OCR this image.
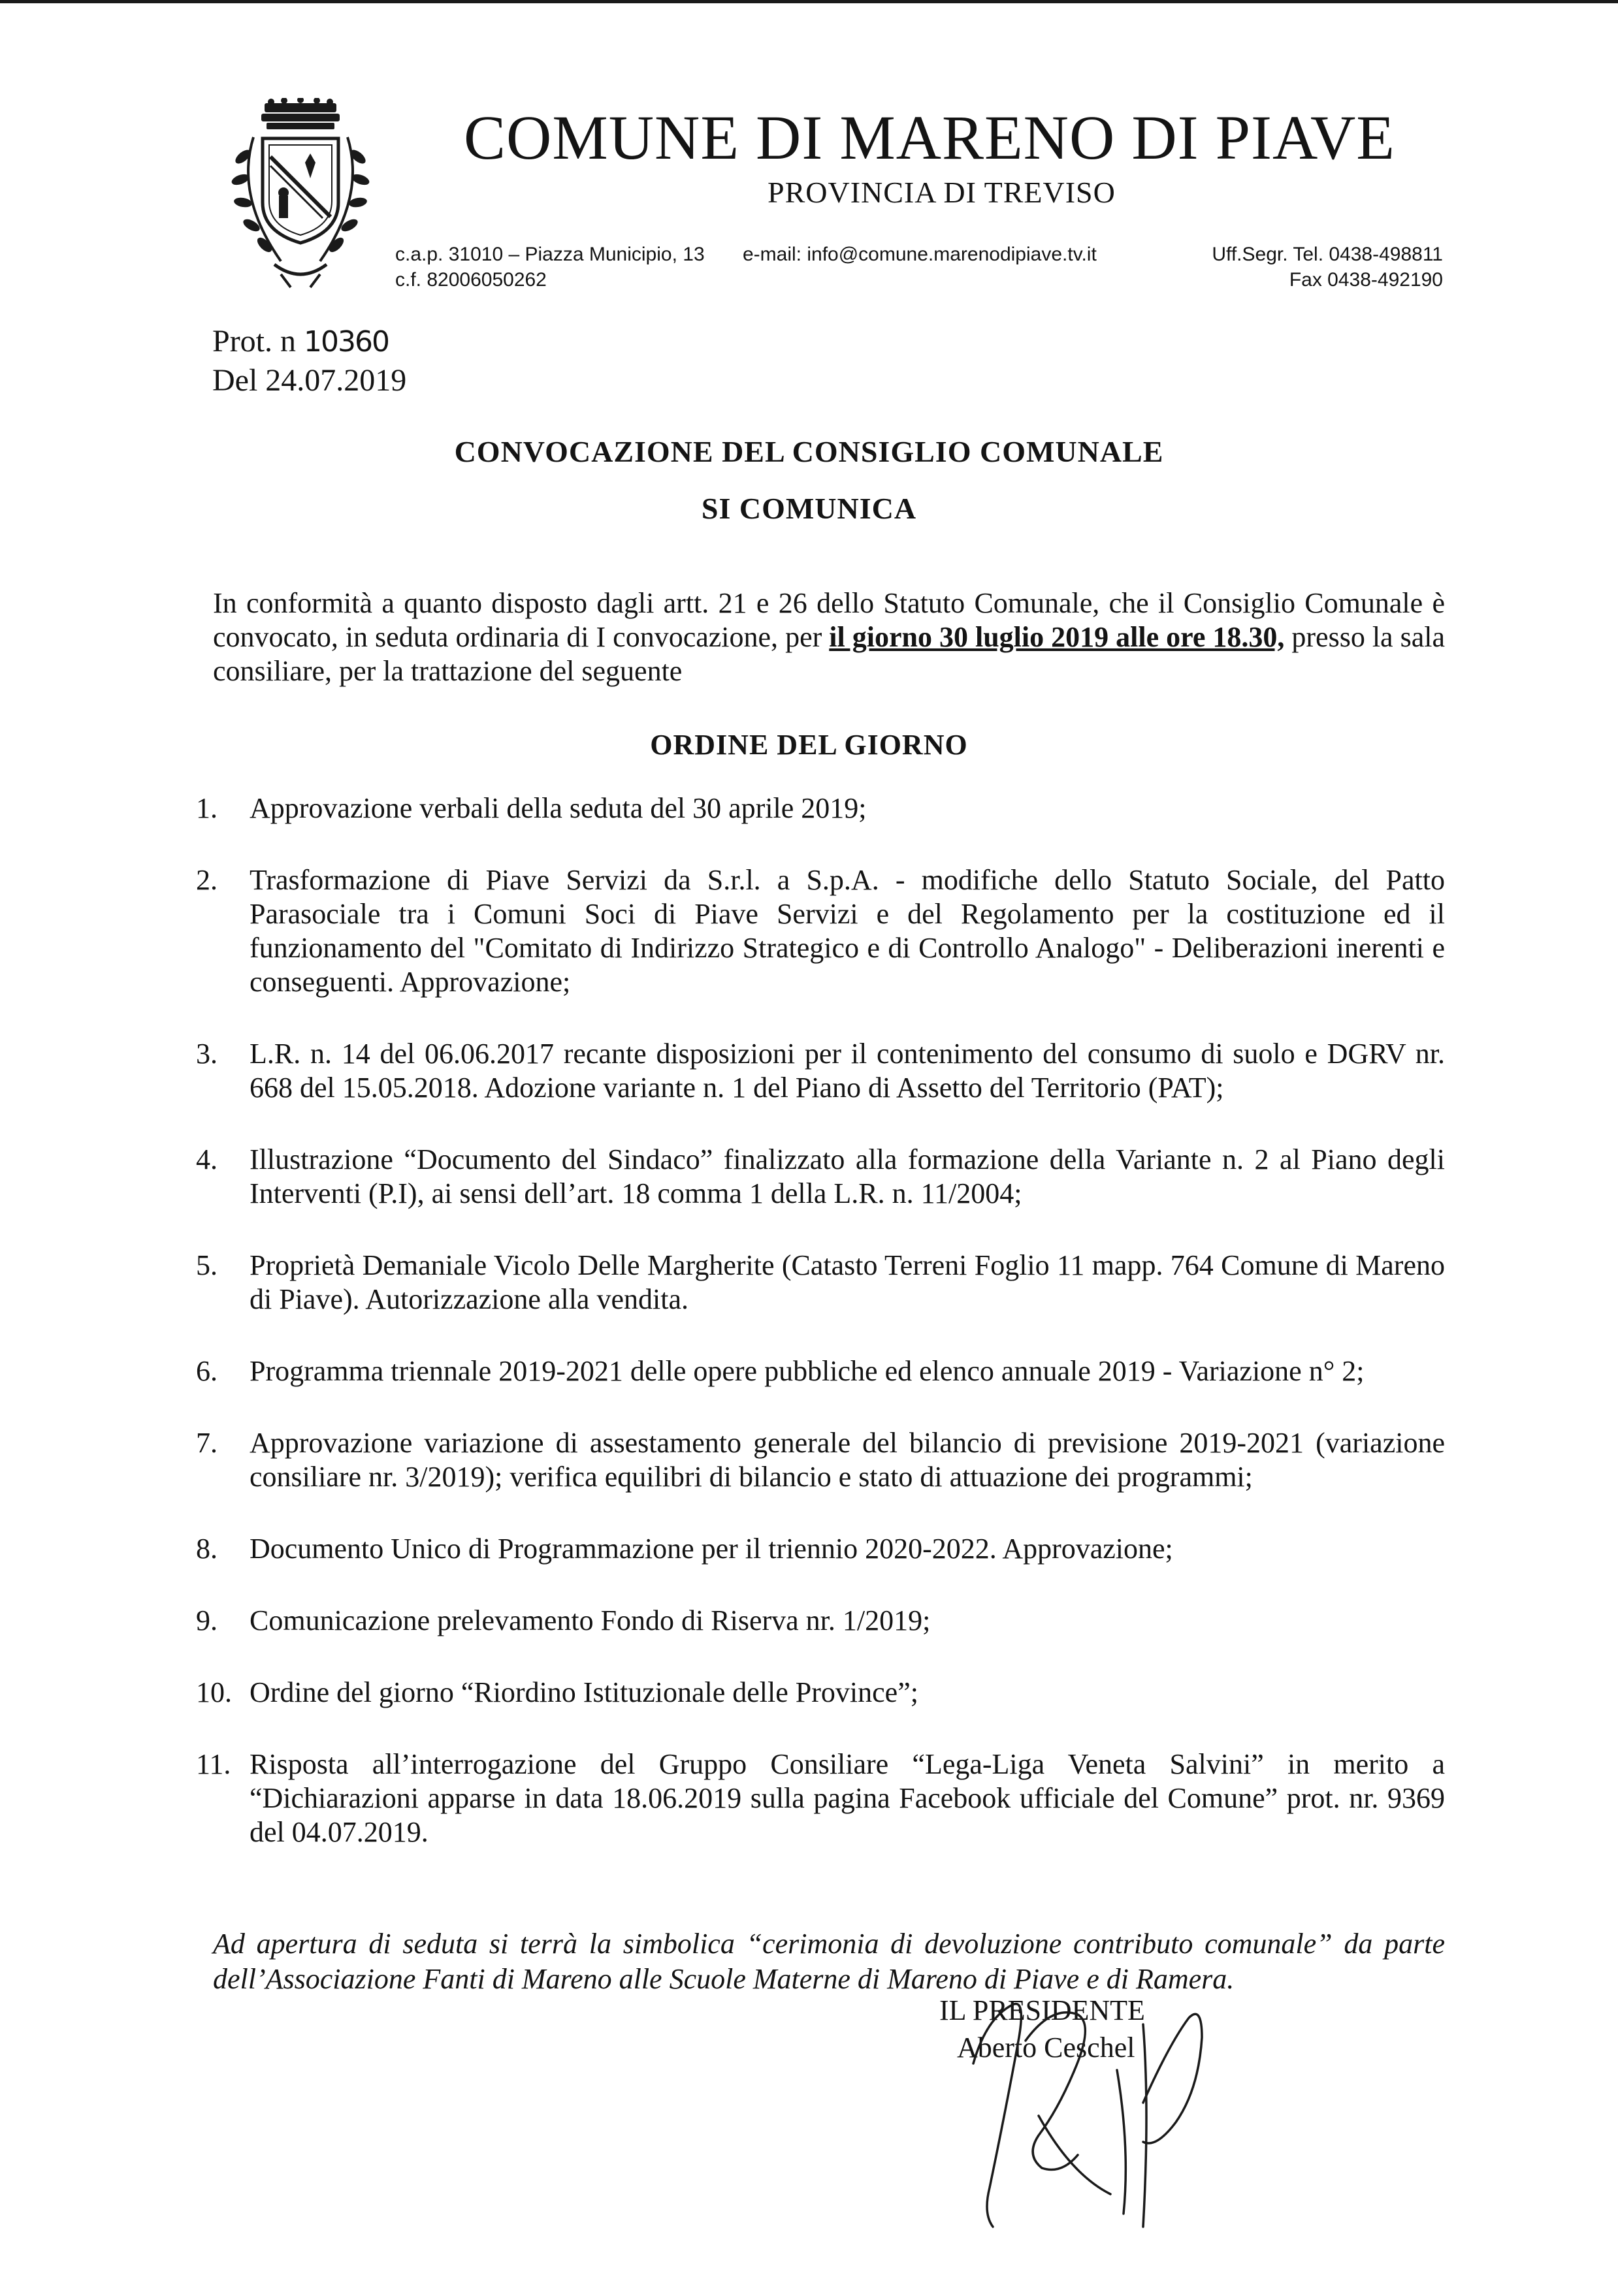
COMUNE DI MARENO DI PIAVE
PROVINCIA DI TREVISO
c.a.p. 31010 – Piazza Municipio, 13
c.f. 82006050262
e-mail: info@comune.marenodipiave.tv.it	Uff.Segr. Tel. 0438-498811
Fax 0438-492190
Prot. n 10360
Del 24.07.2019
CONVOCAZIONE DEL CONSIGLIO COMUNALE
SI COMUNICA
In conformità a quanto disposto dagli artt. 21 e 26 dello Statuto Comunale, che il Consiglio Comunale è convocato, in seduta ordinaria di I convocazione, per il giorno 30 luglio 2019 alle ore 18.30, presso la sala consiliare, per la trattazione del seguente
ORDINE DEL GIORNO
1.	Approvazione verbali della seduta del 30 aprile 2019;
2.	Trasformazione di Piave Servizi da S.r.l. a S.p.A. - modifiche dello Statuto Sociale, del Patto Parasociale tra i Comuni Soci di Piave Servizi e del Regolamento per la costituzione ed il funzionamento del "Comitato di Indirizzo Strategico e di Controllo Analogo" - Deliberazioni inerenti e conseguenti. Approvazione;
3.	L.R. n. 14 del 06.06.2017 recante disposizioni per il contenimento del consumo di suolo e DGRV nr. 668 del 15.05.2018. Adozione variante n. 1 del Piano di Assetto del Territorio (PAT);
4.	Illustrazione “Documento del Sindaco” finalizzato alla formazione della Variante n. 2 al Piano degli Interventi (P.I), ai sensi dell’art. 18 comma 1 della L.R. n. 11/2004;
5.	Proprietà Demaniale Vicolo Delle Margherite (Catasto Terreni Foglio 11 mapp. 764 Comune di Mareno di Piave). Autorizzazione alla vendita.
6.	Programma triennale 2019-2021 delle opere pubbliche ed elenco annuale 2019 - Variazione n° 2;
7.	Approvazione variazione di assestamento generale del bilancio di previsione 2019-2021 (variazione consiliare nr. 3/2019); verifica equilibri di bilancio e stato di attuazione dei programmi;
8.	Documento Unico di Programmazione per il triennio 2020-2022. Approvazione;
9.	Comunicazione prelevamento Fondo di Riserva nr. 1/2019;
10. Ordine del giorno “Riordino Istituzionale delle Province”;
11. Risposta all’interrogazione del Gruppo Consiliare “Lega-Liga Veneta Salvini” in merito a “Dichiarazioni apparse in data 18.06.2019 sulla pagina Facebook ufficiale del Comune” prot. nr. 9369 del 04.07.2019.
Ad apertura di seduta si terrà la simbolica “cerimonia di devoluzione contributo comunale” da parte dell’Associazione Fanti di Mareno alle Scuole Materne di Mareno di Piave e di Ramera.
IL PRESIDENTE
Aberto Ceschel
